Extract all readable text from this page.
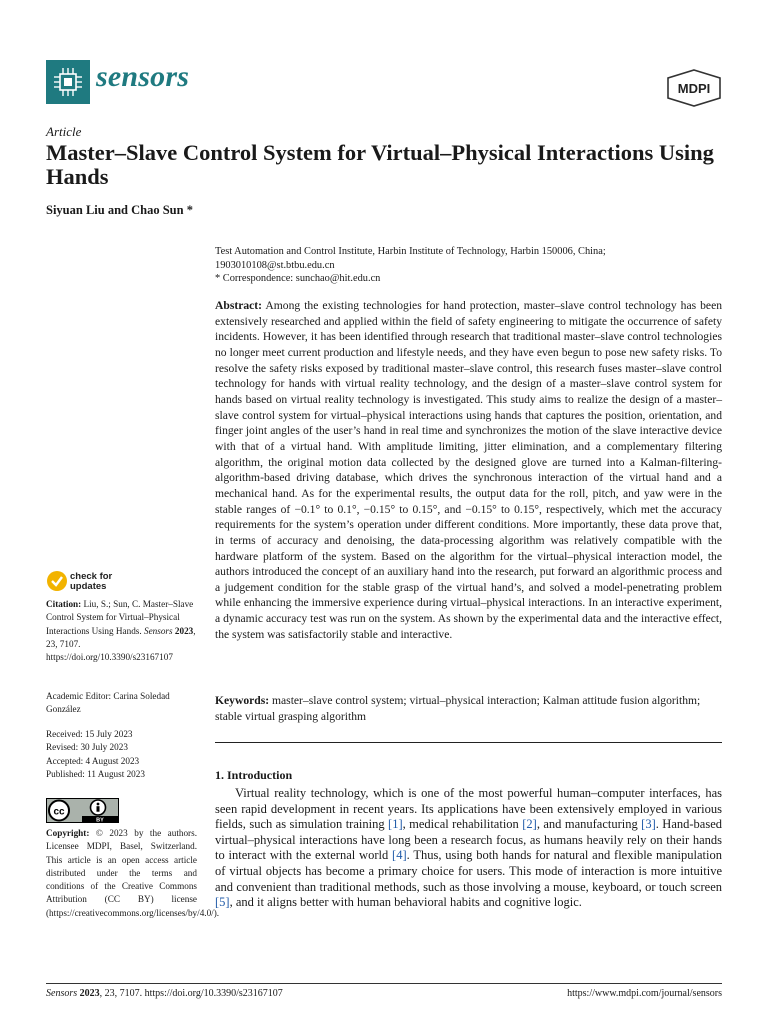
sensors	MDPI
Article
Master–Slave Control System for Virtual–Physical Interactions Using Hands
Siyuan Liu and Chao Sun *
Test Automation and Control Institute, Harbin Institute of Technology, Harbin 150006, China;
1903010108@st.btbu.edu.cn
* Correspondence: sunchao@hit.edu.cn
Abstract: Among the existing technologies for hand protection, master–slave control technology has been extensively researched and applied within the field of safety engineering to mitigate the occurrence of safety incidents. However, it has been identified through research that traditional master–slave control technologies no longer meet current production and lifestyle needs, and they have even begun to pose new safety risks. To resolve the safety risks exposed by traditional master–slave control, this research fuses master–slave control technology for hands with virtual reality technology, and the design of a master–slave control system for hands based on virtual reality technology is investigated. This study aims to realize the design of a master–slave control system for virtual–physical interactions using hands that captures the position, orientation, and finger joint angles of the user’s hand in real time and synchronizes the motion of the slave interactive device with that of a virtual hand. With amplitude limiting, jitter elimination, and a complementary filtering algorithm, the original motion data collected by the designed glove are turned into a Kalman-filtering-algorithm-based driving database, which drives the synchronous interaction of the virtual hand and a mechanical hand. As for the experimental results, the output data for the roll, pitch, and yaw were in the stable ranges of −0.1° to 0.1°, −0.15° to 0.15°, and −0.15° to 0.15°, respectively, which met the accuracy requirements for the system’s operation under different conditions. More importantly, these data prove that, in terms of accuracy and denoising, the data-processing algorithm was relatively compatible with the hardware platform of the system. Based on the algorithm for the virtual–physical interaction model, the authors introduced the concept of an auxiliary hand into the research, put forward an algorithmic process and a judgement condition for the stable grasp of the virtual hand’s, and solved a model-penetrating problem while enhancing the immersive experience during virtual–physical interactions. In an interactive experiment, a dynamic accuracy test was run on the system. As shown by the experimental data and the interactive effect, the system was satisfactorily stable and interactive.
Keywords: master–slave control system; virtual–physical interaction; Kalman attitude fusion algorithm; stable virtual grasping algorithm
1. Introduction
Virtual reality technology, which is one of the most powerful human–computer interfaces, has seen rapid development in recent years. Its applications have been extensively employed in various fields, such as simulation training [1], medical rehabilitation [2], and manufacturing [3]. Hand-based virtual–physical interactions have long been a research focus, as humans heavily rely on their hands to interact with the external world [4]. Thus, using both hands for natural and flexible manipulation of virtual objects has become a primary choice for users. This mode of interaction is more intuitive and convenient than traditional methods, such as those involving a mouse, keyboard, or touch screen [5], and it aligns better with human behavioral habits and cognitive logic.
check for
updates
Citation: Liu, S.; Sun, C. Master–Slave Control System for Virtual–Physical Interactions Using Hands. Sensors 2023, 23, 7107. https://doi.org/10.3390/s23167107
Academic Editor: Carina Soledad González
Received: 15 July 2023
Revised: 30 July 2023
Accepted: 4 August 2023
Published: 11 August 2023
cc
BY
Copyright: © 2023 by the authors. Licensee MDPI, Basel, Switzerland. This article is an open access article distributed under the terms and conditions of the Creative Commons Attribution (CC BY) license (https://creativecommons.org/licenses/by/4.0/).
Sensors 2023, 23, 7107. https://doi.org/10.3390/s23167107	https://www.mdpi.com/journal/sensors
